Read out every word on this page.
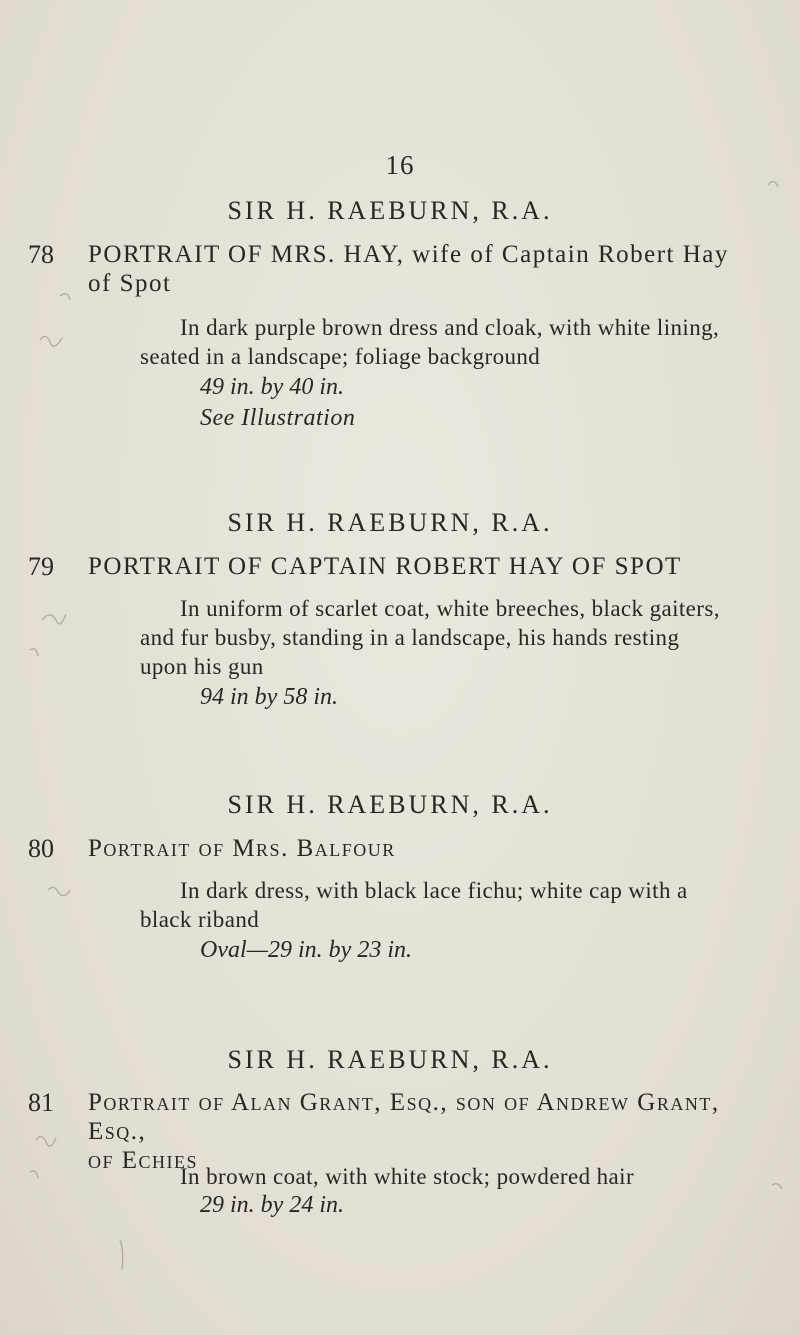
16
SIR H. RAEBURN, R.A.
78 PORTRAIT OF MRS. HAY, wife of Captain Robert Hay
of Spot
In dark purple brown dress and cloak, with white lining,
seated in a landscape; foliage background
49 in. by 40 in.
See Illustration
SIR H. RAEBURN, R.A.
79 PORTRAIT OF CAPTAIN ROBERT HAY OF SPOT
In uniform of scarlet coat, white breeches, black gaiters,
and fur busby, standing in a landscape, his hands resting
upon his gun
94 in by 58 in.
SIR H. RAEBURN, R.A.
80 Portrait of Mrs. Balfour
In dark dress, with black lace fichu; white cap with a
black riband
Oval—29 in. by 23 in.
SIR H. RAEBURN, R.A.
81 Portrait of Alan Grant, Esq., son of Andrew Grant, Esq.,
of Echies
In brown coat, with white stock; powdered hair
29 in. by 24 in.
